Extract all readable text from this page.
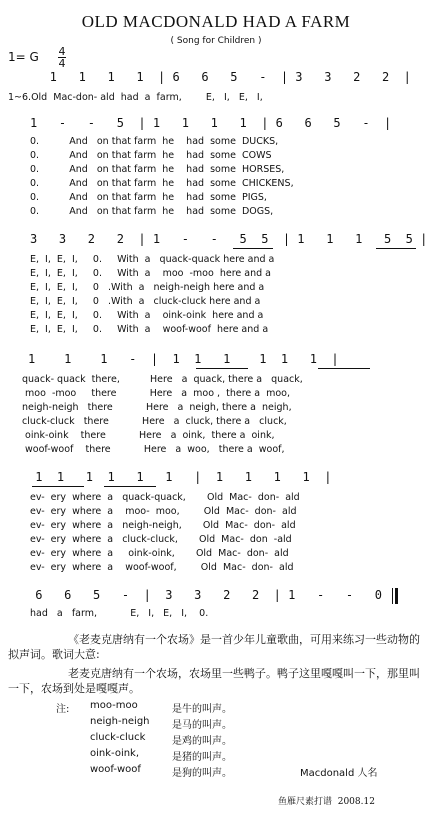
OLD MACDONALD HAD A FARM
( Song for Children )
1= G 4
4
1   1   1   1  | 6   6   5   -  | 3   3   2   2  |
1~6.Old  Mac-don- ald  had  a  farm,        E,   I,   E,   I,
1   -   -   5  | 1   1   1   1  | 6   6   5   -  |
0.          And   on that farm  he    had  some  DUCKS,
0.          And   on that farm  he    had  some  COWS
0.          And   on that farm  he    had  some  HORSES,
0.          And   on that farm  he    had  some  CHICKENS,
0.          And   on that farm  he    had  some  PIGS,
0.          And   on that farm  he    had  some  DOGS,
3   3   2   2  | 1   -   -   5  5  | 1   1   1   5  5 |
E,  I,  E,  I,     0.     With  a   quack-quack here and a
E,  I,  E,  I,     0.     With  a    moo  -moo  here and a
E,  I,  E,  I,     0   .With  a   neigh-neigh here and a
E,  I,  E,  I,     0   .With  a   cluck-cluck here and a
E,  I,  E,  I,     0.     With  a    oink-oink  here and a
E,  I,  E,  I,     0.     With  a    woof-woof  here and a
1    1    1   -  |  1  1   1    1  1   1  |
quack- quack  there,          Here   a  quack, there a   quack,
moo  -moo     there           Here   a  moo ,  there a  moo,
neigh-neigh   there           Here   a  neigh, there a  neigh,
cluck-cluck   there           Here   a  cluck, there a   cluck,
oink-oink    there           Here   a  oink,  there a  oink,
woof-woof    there           Here   a  woo,   there a  woof,
1  1   1  1   1   1   |  1   1   1   1  |
ev-  ery  where  a   quack-quack,       Old  Mac-  don-  ald
ev-  ery  where  a    moo-  moo,        Old  Mac-  don-  ald
ev-  ery  where  a   neigh-neigh,       Old  Mac-  don-  ald
ev-  ery  where  a   cluck-cluck,       Old  Mac-  don  -ald
ev-  ery  where  a     oink-oink,       Old  Mac-  don-  ald
ev-  ery  where  a    woof-woof,        Old  Mac-  don-  ald
6   6   5   -  |  3   3   2   2  | 1   -   -   0
had   a   farm,           E,   I,   E,   I,    0.
《老麦克唐纳有一个农场》是一首少年儿童歌曲，可用来练习一些动物的拟声词。歌词大意:
老麦克唐纳有一个农场，农场里一些鸭子。鸭子这里嘎嘎叫一下，那里叫一下，农场到处是嘎嘎声。
注: moo-moo	是牛的叫声。
neigh-neigh 是马的叫声。
cluck-cluck	是鸡的叫声。
oink-oink,	是猪的叫声。
woof-woof	是狗的叫声。	Macdonald 人名
鱼雁尺素打谱  2008.12
